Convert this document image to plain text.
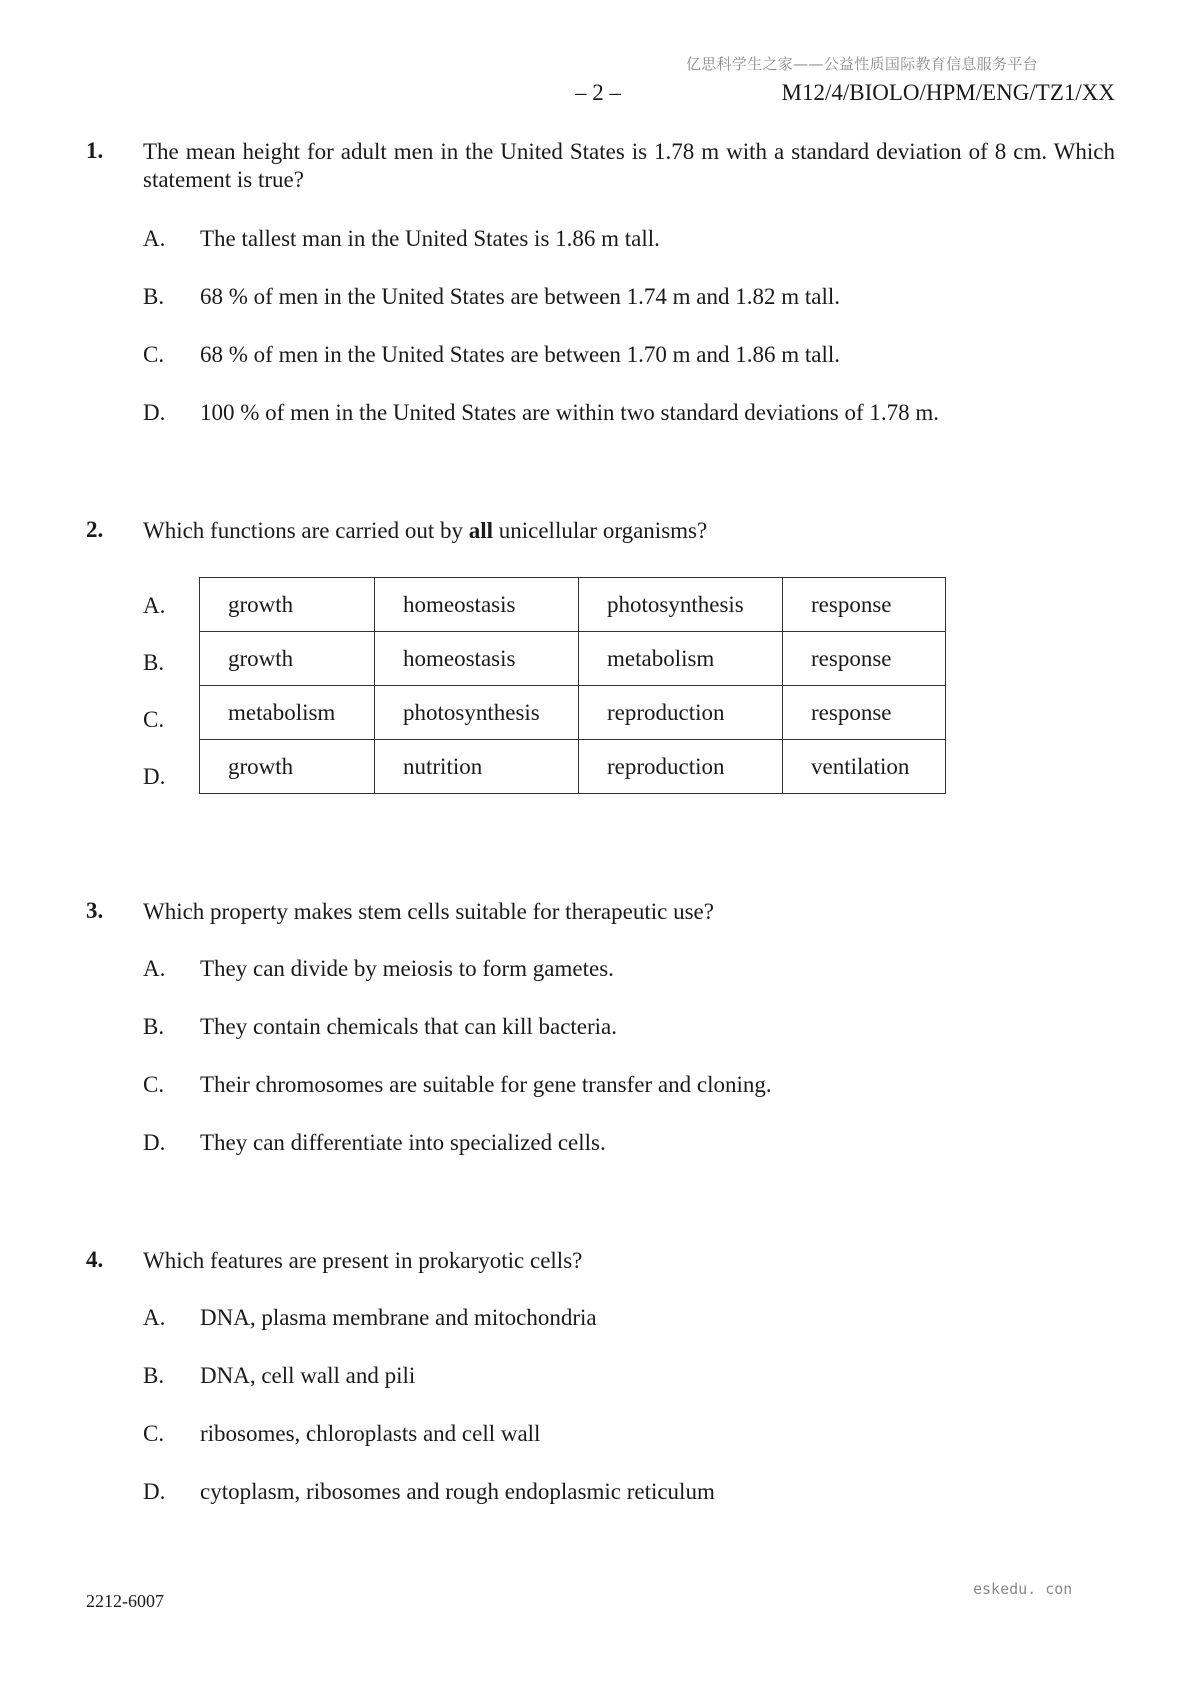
亿思科学生之家——公益性质国际教育信息服务平台
– 2 –	M12/4/BIOLO/HPM/ENG/TZ1/XX
1. The mean height for adult men in the United States is 1.78 m with a standard deviation of 8 cm. Which statement is true?
A. The tallest man in the United States is 1.86 m tall.
B. 68 % of men in the United States are between 1.74 m and 1.82 m tall.
C. 68 % of men in the United States are between 1.70 m and 1.86 m tall.
D. 100 % of men in the United States are within two standard deviations of 1.78 m.
2. Which functions are carried out by all unicellular organisms?
A.
B.
C.
D.
growth	homeostasis	photosynthesis	response
growth	homeostasis	metabolism	response
metabolism	photosynthesis	reproduction	response
growth	nutrition	reproduction	ventilation
3. Which property makes stem cells suitable for therapeutic use?
A. They can divide by meiosis to form gametes.
B. They contain chemicals that can kill bacteria.
C. Their chromosomes are suitable for gene transfer and cloning.
D. They can differentiate into specialized cells.
4. Which features are present in prokaryotic cells?
A. DNA, plasma membrane and mitochondria
B. DNA, cell wall and pili
C. ribosomes, chloroplasts and cell wall
D. cytoplasm, ribosomes and rough endoplasmic reticulum
eskedu. con
2212-6007
